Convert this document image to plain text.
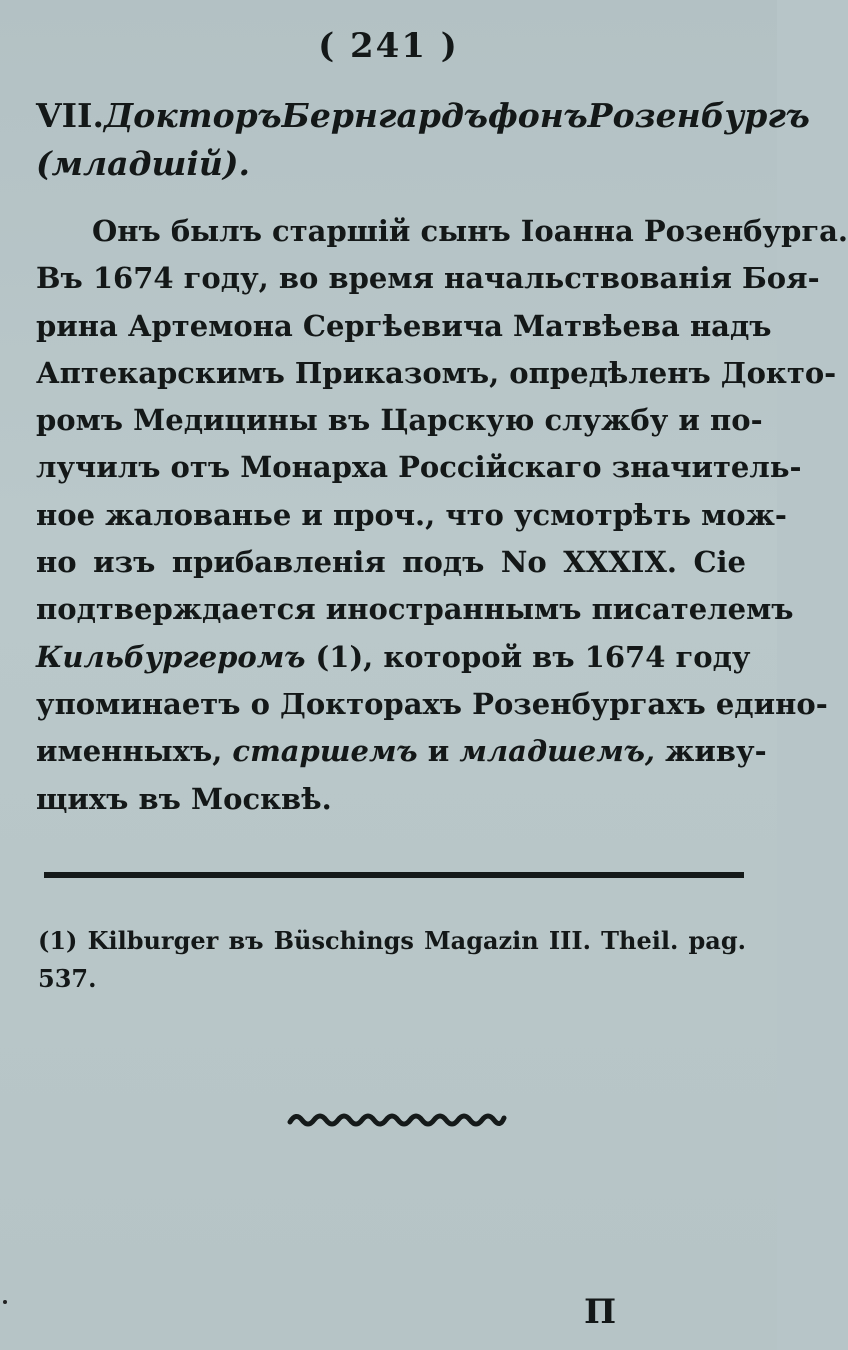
( 241 )
VII. Докторъ Бернгардъ фонъ Розенбургъ
(младшій).
Онъ былъ старшій сынъ Іоанна Розенбурга.
Въ 1674 году, во время начальствованія Боя-
рина Артемона Сергѣевича Матвѣева надъ
Аптекарскимъ Приказомъ, опредѣленъ Докто-
ромъ Медицины въ Царскую службу и по-
лучилъ отъ Монарха Россійскаго значитель-
ное жалованье и проч., что усмотрѣть мож-
но изъ прибавленія подъ No XXXIX. Сіе
подтверждается иностраннымъ писателемъ
Кильбургеромъ (1), которой въ 1674 году
упоминаетъ о Докторахъ Розенбургахъ едино-
именныхъ, старшемъ и младшемъ, живу-
щихъ въ Москвѣ.
(1) Kilburger въ Büschings Magazin III. Theil. pag.
537.
П
